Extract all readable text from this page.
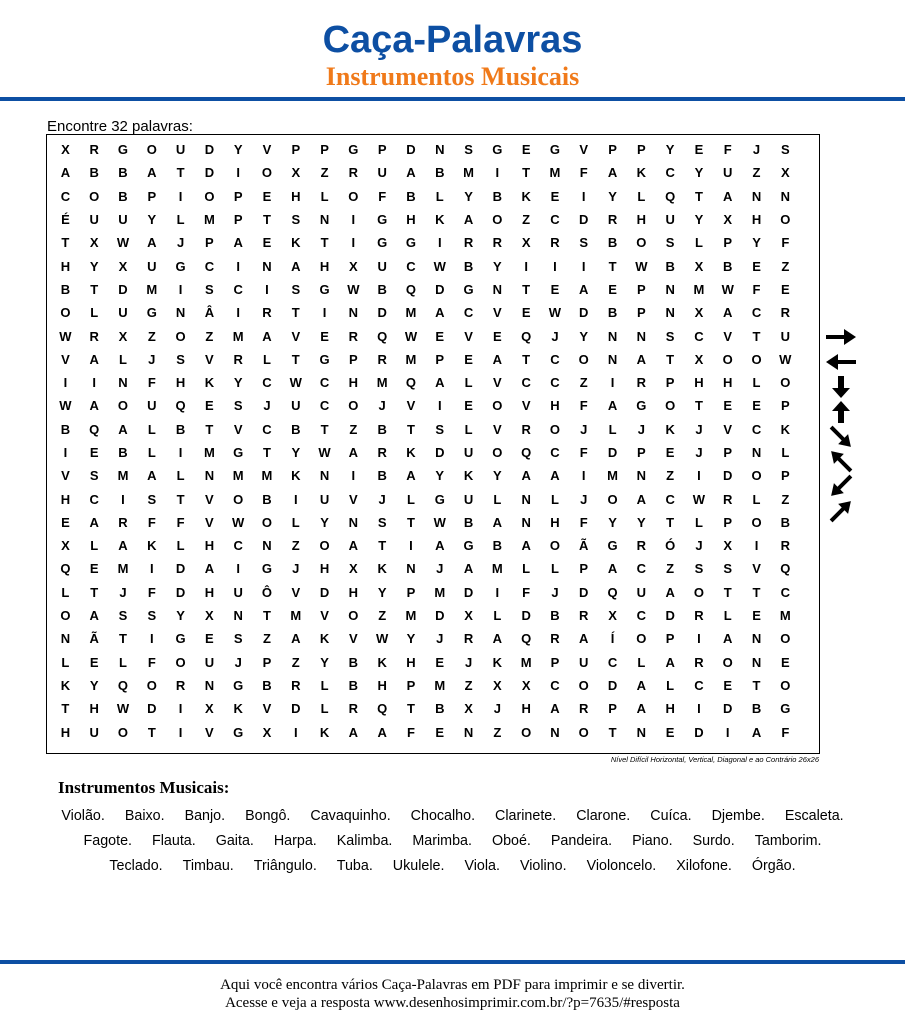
Caça-Palavras
Instrumentos Musicais
Encontre 32 palavras:
X	R	G	O	U	D	Y	V	P	P	G	P	D	N	S	G	E	G	V	P	P	Y	E	F	J	S
A	B	B	A	T	D	I	O	X	Z	R	U	A	B	M	I	T	M	F	A	K	C	Y	U	Z	X
C	O	B	P	I	O	P	E	H	L	O	F	B	L	Y	B	K	E	I	Y	L	Q	T	A	N	N
É	U	U	Y	L	M	P	T	S	N	I	G	H	K	A	O	Z	C	D	R	H	U	Y	X	H	O
T	X	W	A	J	P	A	E	K	T	I	G	G	I	R	R	X	R	S	B	O	S	L	P	Y	F
H	Y	X	U	G	C	I	N	A	H	X	U	C	W	B	Y	I	I	I	T	W	B	X	B	E	Z
B	T	D	M	I	S	C	I	S	G	W	B	Q	D	G	N	T	E	A	E	P	N	M	W	F	E
O	L	U	G	N	Â	I	R	T	I	N	D	M	A	C	V	E	W	D	B	P	N	X	A	C	R
W	R	X	Z	O	Z	M	A	V	E	R	Q	W	E	V	E	Q	J	Y	N	N	S	C	V	T	U
V	A	L	J	S	V	R	L	T	G	P	R	M	P	E	A	T	C	O	N	A	T	X	O	O	W
I	I	N	F	H	K	Y	C	W	C	H	M	Q	A	L	V	C	C	Z	I	R	P	H	H	L	O
W	A	O	U	Q	E	S	J	U	C	O	J	V	I	E	O	V	H	F	A	G	O	T	E	E	P
B	Q	A	L	B	T	V	C	B	T	Z	B	T	S	L	V	R	O	J	L	J	K	J	V	C	K
I	E	B	L	I	M	G	T	Y	W	A	R	K	D	U	O	Q	C	F	D	P	E	J	P	N	L
V	S	M	A	L	N	M	M	K	N	I	B	A	Y	K	Y	A	A	I	M	N	Z	I	D	O	P
H	C	I	S	T	V	O	B	I	U	V	J	L	G	U	L	N	L	J	O	A	C	W	R	L	Z
E	A	R	F	F	V	W	O	L	Y	N	S	T	W	B	A	N	H	F	Y	Y	T	L	P	O	B
X	L	A	K	L	H	C	N	Z	O	A	T	I	A	G	B	A	O	Ã	G	R	Ó	J	X	I	R
Q	E	M	I	D	A	I	G	J	H	X	K	N	J	A	M	L	L	P	A	C	Z	S	S	V	Q
L	T	J	F	D	H	U	Ô	V	D	H	Y	P	M	D	I	F	J	D	Q	U	A	O	T	T	C
O	A	S	S	Y	X	N	T	M	V	O	Z	M	D	X	L	D	B	R	X	C	D	R	L	E	M
N	Ã	T	I	G	E	S	Z	A	K	V	W	Y	J	R	A	Q	R	A	Í	O	P	I	A	N	O
L	E	L	F	O	U	J	P	Z	Y	B	K	H	E	J	K	M	P	U	C	L	A	R	O	N	E
K	Y	Q	O	R	N	G	B	R	L	B	H	P	M	Z	X	X	C	O	D	A	L	C	E	T	O
T	H	W	D	I	X	K	V	D	L	R	Q	T	B	X	J	H	A	R	P	A	H	I	D	B	G
H	U	O	T	I	V	G	X	I	K	A	A	F	E	N	Z	O	N	O	T	N	E	D	I	A	F
Nível Difícil Horizontal, Vertical, Diagonal e ao Contrário 26x26
Instrumentos Musicais:
Violão. Baixo. Banjo. Bongô. Cavaquinho. Chocalho. Clarinete. Clarone. Cuíca. Djembe. Escaleta. Fagote. Flauta. Gaita. Harpa. Kalimba. Marimba. Oboé. Pandeira. Piano. Surdo. Tamborim. Teclado. Timbau. Triângulo. Tuba. Ukulele. Viola. Violino. Violoncelo. Xilofone. Órgão.
Aqui você encontra vários Caça-Palavras em PDF para imprimir e se divertir.
Acesse e veja a resposta www.desenhosimprimir.com.br/?p=7635/#resposta
